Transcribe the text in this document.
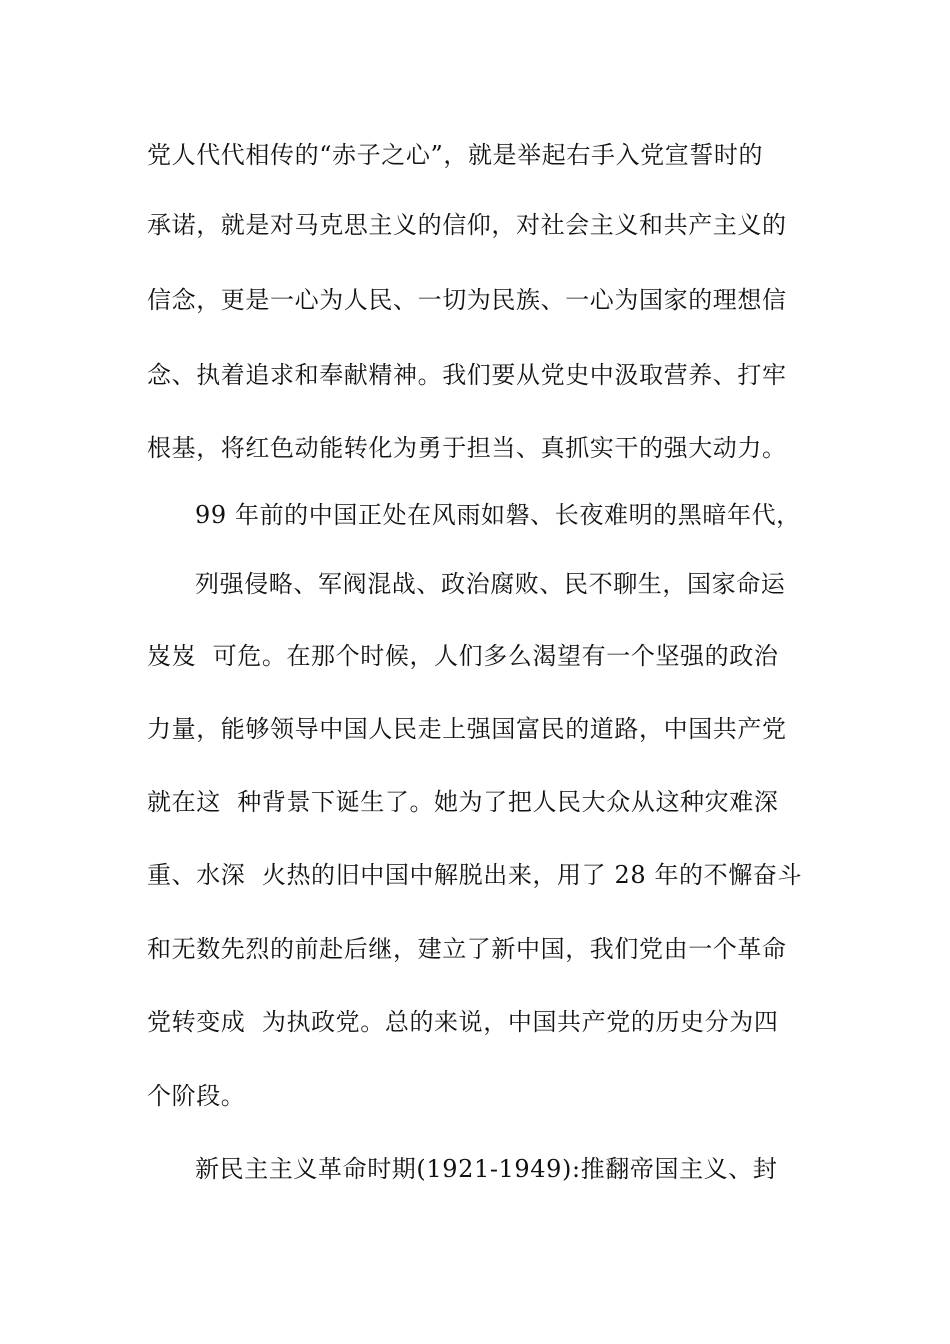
党人代代相传的“赤子之心”，就是举起右手入党宣誓时的
承诺，就是对马克思主义的信仰，对社会主义和共产主义的
信念，更是一心为人民、一切为民族、一心为国家的理想信
念、执着追求和奉献精神。我们要从党史中汲取营养、打牢
根基，将红色动能转化为勇于担当、真抓实干的强大动力。
99 年前的中国正处在风雨如磐、长夜难明的黑暗年代，
列强侵略、军阀混战、政治腐败、民不聊生，国家命运
岌岌  可危。在那个时候，人们多么渴望有一个坚强的政治
力量，能够领导中国人民走上强国富民的道路，中国共产党
就在这  种背景下诞生了。她为了把人民大众从这种灾难深
重、水深  火热的旧中国中解脱出来，用了 28 年的不懈奋斗
和无数先烈的前赴后继，建立了新中国，我们党由一个革命
党转变成  为执政党。总的来说，中国共产党的历史分为四
个阶段。
新民主主义革命时期(1921-1949):推翻帝国主义、封
